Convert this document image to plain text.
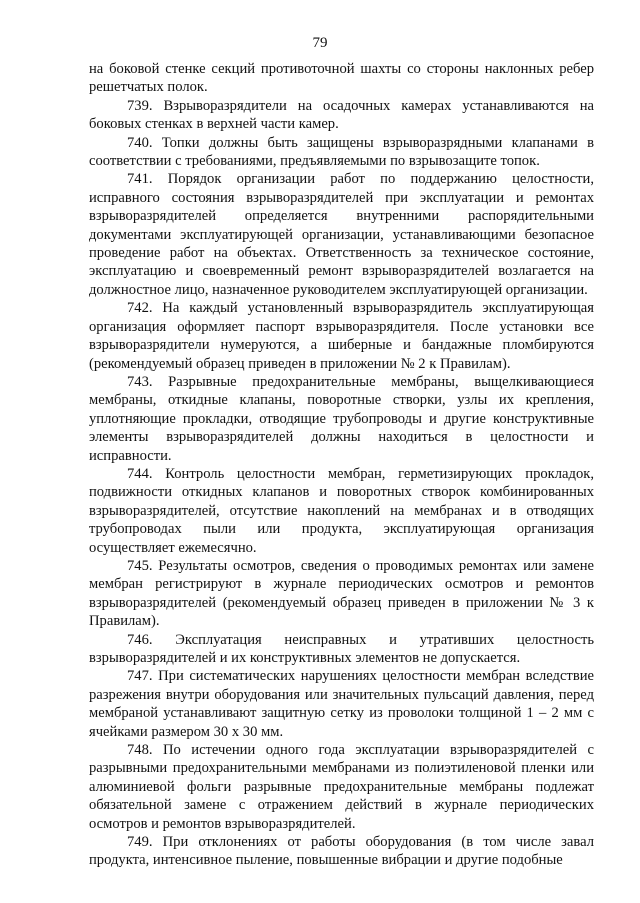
79

на боковой стенке секций противоточной шахты со стороны наклонных ребер решетчатых полок.

739. Взрыворазрядители на осадочных камерах устанавливаются на боковых стенках в верхней части камер.

740. Топки должны быть защищены взрыворазрядными клапанами в соответствии с требованиями, предъявляемыми по взрывозащите топок.

741. Порядок организации работ по поддержанию целостности, исправного состояния взрыворазрядителей при эксплуатации и ремонтах взрыворазрядителей определяется внутренними распорядительными документами эксплуатирующей организации, устанавливающими безопасное проведение работ на объектах. Ответственность за техническое состояние, эксплуатацию и своевременный ремонт взрыворазрядителей возлагается на должностное лицо, назначенное руководителем эксплуатирующей организации.

742. На каждый установленный взрыворазрядитель эксплуатирующая организация оформляет паспорт взрыворазрядителя. После установки все взрыворазрядители нумеруются, а шиберные и бандажные пломбируются (рекомендуемый образец приведен в приложении № 2 к Правилам).

743. Разрывные предохранительные мембраны, выщелкивающиеся мембраны, откидные клапаны, поворотные створки, узлы их крепления, уплотняющие прокладки, отводящие трубопроводы и другие конструктивные элементы взрыворазрядителей должны находиться в целостности и исправности.

744. Контроль целостности мембран, герметизирующих прокладок, подвижности откидных клапанов и поворотных створок комбинированных взрыворазрядителей, отсутствие накоплений на мембранах и в отводящих трубопроводах пыли или продукта, эксплуатирующая организация осуществляет ежемесячно.

745. Результаты осмотров, сведения о проводимых ремонтах или замене мембран регистрируют в журнале периодических осмотров и ремонтов взрыворазрядителей (рекомендуемый образец приведен в приложении № 3 к Правилам).

746. Эксплуатация неисправных и утративших целостность взрыворазрядителей и их конструктивных элементов не допускается.

747. При систематических нарушениях целостности мембран вследствие разрежения внутри оборудования или значительных пульсаций давления, перед мембраной устанавливают защитную сетку из проволоки толщиной 1 – 2 мм с ячейками размером 30 х 30 мм.

748. По истечении одного года эксплуатации взрыворазрядителей с разрывными предохранительными мембранами из полиэтиленовой пленки или алюминиевой фольги разрывные предохранительные мембраны подлежат обязательной замене с отражением действий в журнале периодических осмотров и ремонтов взрыворазрядителей.

749. При отклонениях от работы оборудования (в том числе завал продукта, интенсивное пыление, повышенные вибрации и другие подобные
